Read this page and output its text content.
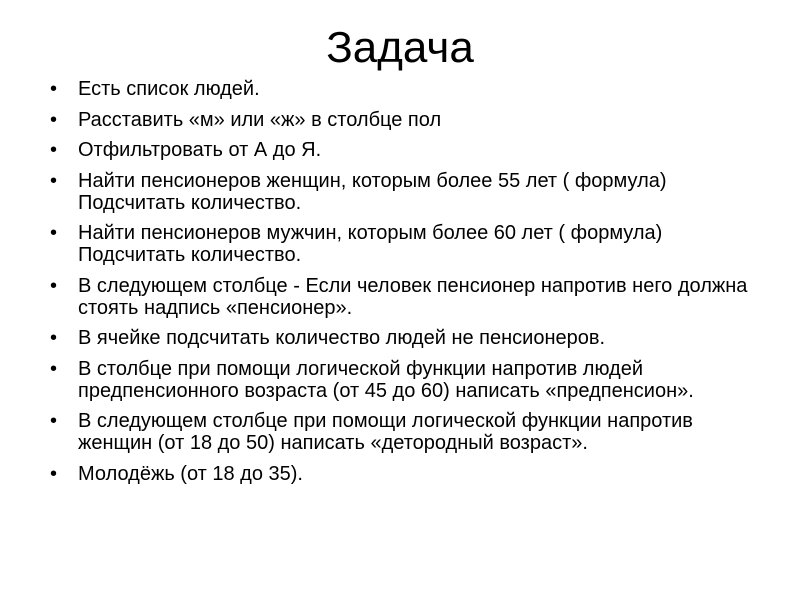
Задача
•	Есть список людей.
•	Расставить «м» или «ж» в столбце пол
•	Отфильтровать от А до Я.
•	Найти пенсионеров женщин, которым более 55 лет ( формула) Подсчитать количество.
•	Найти пенсионеров мужчин, которым более 60 лет ( формула) Подсчитать количество.
•	В следующем столбце - Если человек пенсионер напротив него должна стоять надпись «пенсионер».
•	В ячейке подсчитать количество людей не пенсионеров.
•	В столбце при помощи логической функции напротив людей предпенсионного возраста (от 45 до 60) написать «предпенсион».
•	В следующем столбце при помощи логической функции напротив женщин (от 18 до 50) написать «детородный возраст».
•	Молодёжь (от 18 до 35).
